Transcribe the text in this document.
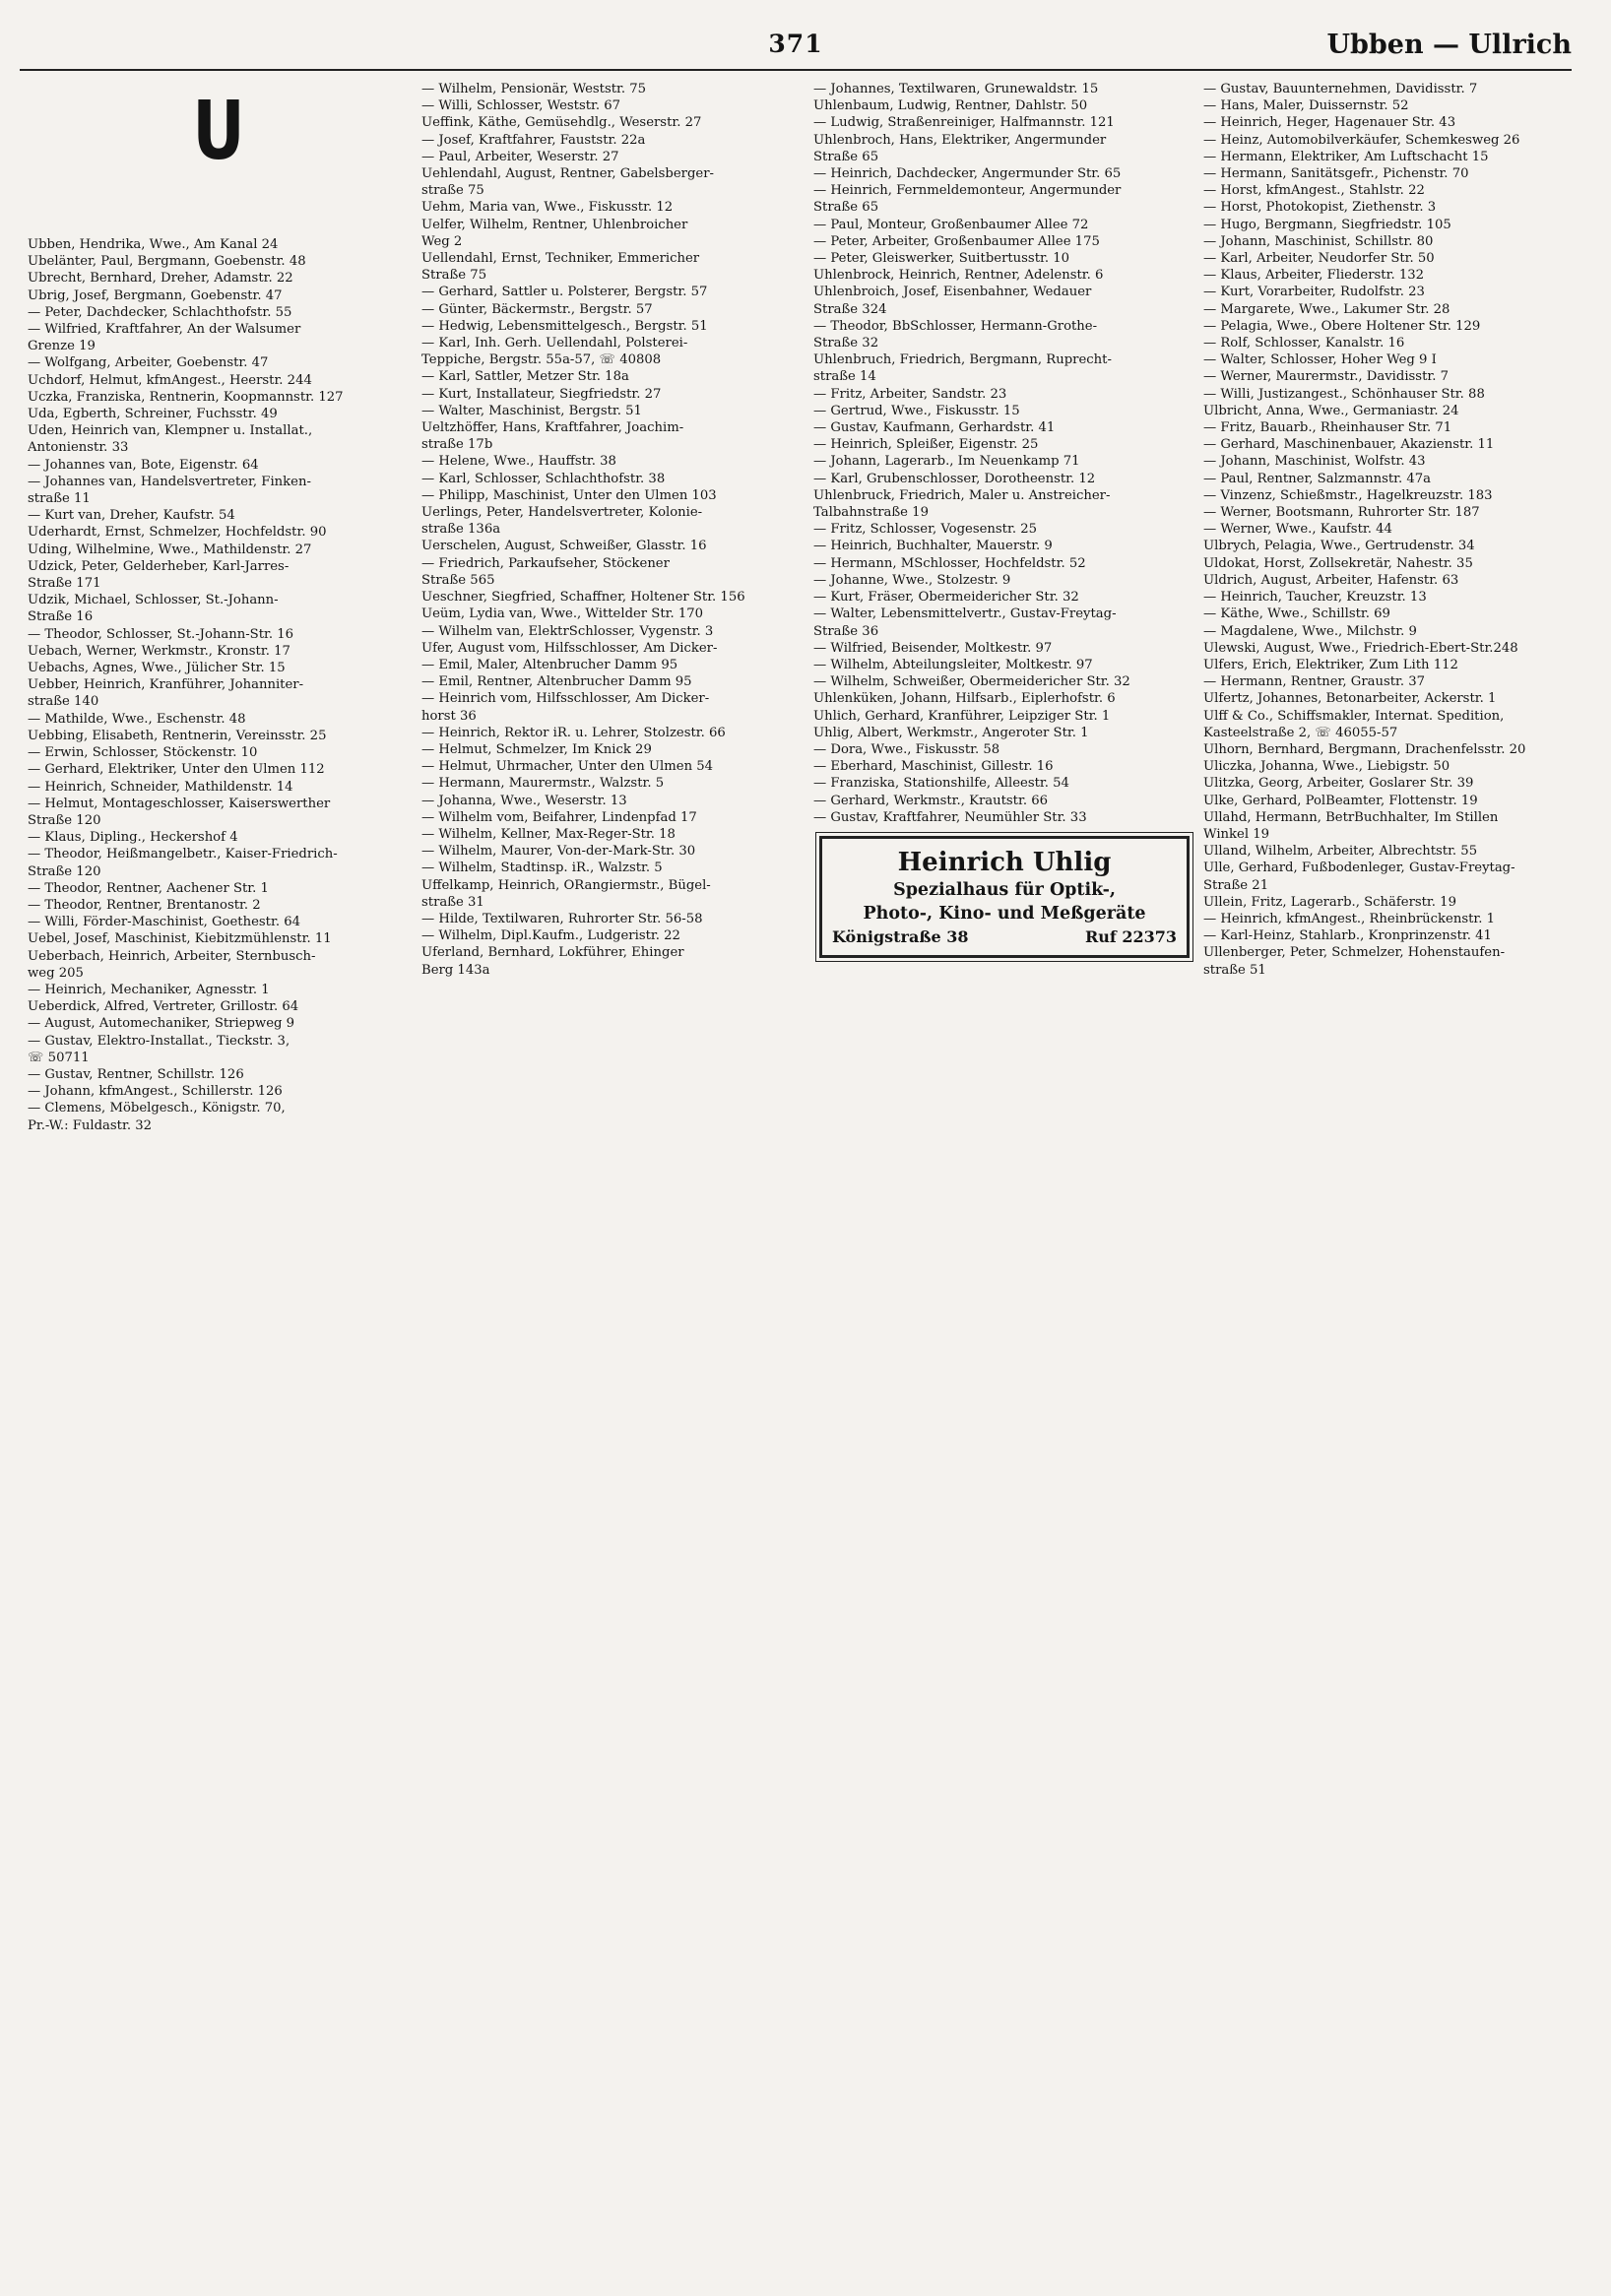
371	Ubben — Ullrich
U
Ubben, Hendrika, Wwe., Am Kanal 24
Ubelänter, Paul, Bergmann, Goebenstr. 48
Ubrecht, Bernhard, Dreher, Adamstr. 22
Ubrig, Josef, Bergmann, Goebenstr. 47
— Peter, Dachdecker, Schlachthofstr. 55
— Wilfried, Kraftfahrer, An der Walsumer
Grenze 19
— Wolfgang, Arbeiter, Goebenstr. 47
Uchdorf, Helmut, kfmAngest., Heerstr. 244
Uczka, Franziska, Rentnerin, Koopmannstr. 127
Uda, Egberth, Schreiner, Fuchsstr. 49
Uden, Heinrich van, Klempner u. Installat.,
Antonienstr. 33
— Johannes van, Bote, Eigenstr. 64
— Johannes van, Handelsvertreter, Finken-
straße 11
— Kurt van, Dreher, Kaufstr. 54
Uderhardt, Ernst, Schmelzer, Hochfeldstr. 90
Uding, Wilhelmine, Wwe., Mathildenstr. 27
Udzick, Peter, Gelderheber, Karl-Jarres-
Straße 171
Udzik, Michael, Schlosser, St.-Johann-
Straße 16
— Theodor, Schlosser, St.-Johann-Str. 16
Uebach, Werner, Werkmstr., Kronstr. 17
Uebachs, Agnes, Wwe., Jülicher Str. 15
Uebber, Heinrich, Kranführer, Johanniter-
straße 140
— Mathilde, Wwe., Eschenstr. 48
Uebbing, Elisabeth, Rentnerin, Vereinsstr. 25
— Erwin, Schlosser, Stöckenstr. 10
— Gerhard, Elektriker, Unter den Ulmen 112
— Heinrich, Schneider, Mathildenstr. 14
— Helmut, Montageschlosser, Kaiserswerther
Straße 120
— Klaus, Dipling., Heckershof 4
— Theodor, Heißmangelbetr., Kaiser-Friedrich-
Straße 120
— Theodor, Rentner, Aachener Str. 1
— Theodor, Rentner, Brentanostr. 2
— Willi, Förder-Maschinist, Goethestr. 64
Uebel, Josef, Maschinist, Kiebitzmühlenstr. 11
Ueberbach, Heinrich, Arbeiter, Sternbusch-
weg 205
— Heinrich, Mechaniker, Agnesstr. 1
Ueberdick, Alfred, Vertreter, Grillostr. 64
— August, Automechaniker, Striepweg 9
— Gustav, Elektro-Installat., Tieckstr. 3,
☏ 50711
— Gustav, Rentner, Schillstr. 126
— Johann, kfmAngest., Schillerstr. 126
— Clemens, Möbelgesch., Königstr. 70,
Pr.-W.: Fuldastr. 32
— Wilhelm, Pensionär, Weststr. 75
— Willi, Schlosser, Weststr. 67
Ueffink, Käthe, Gemüsehdlg., Weserstr. 27
— Josef, Kraftfahrer, Fauststr. 22a
— Paul, Arbeiter, Weserstr. 27
Uehlendahl, August, Rentner, Gabelsberger-
straße 75
Uehm, Maria van, Wwe., Fiskusstr. 12
Uelfer, Wilhelm, Rentner, Uhlenbroicher
Weg 2
Uellendahl, Ernst, Techniker, Emmericher
Straße 75
— Gerhard, Sattler u. Polsterer, Bergstr. 57
— Günter, Bäckermstr., Bergstr. 57
— Hedwig, Lebensmittelgesch., Bergstr. 51
— Karl, Inh. Gerh. Uellendahl, Polsterei-
Teppiche, Bergstr. 55a-57, ☏ 40808
— Karl, Sattler, Metzer Str. 18a
— Kurt, Installateur, Siegfriedstr. 27
— Walter, Maschinist, Bergstr. 51
Ueltzhöffer, Hans, Kraftfahrer, Joachim-
straße 17b
— Helene, Wwe., Hauffstr. 38
— Karl, Schlosser, Schlachthofstr. 38
— Philipp, Maschinist, Unter den Ulmen 103
Uerlings, Peter, Handelsvertreter, Kolonie-
straße 136a
Uerschelen, August, Schweißer, Glasstr. 16
— Friedrich, Parkaufseher, Stöckener
Straße 565
Ueschner, Siegfried, Schaffner, Holtener Str. 156
Ueüm, Lydia van, Wwe., Wittelder Str. 170
— Wilhelm van, ElektrSchlosser, Vygenstr. 3
Ufer, August vom, Hilfsschlosser, Am Dicker-
— Emil, Maler, Altenbrucher Damm 95
— Emil, Rentner, Altenbrucher Damm 95
— Heinrich vom, Hilfsschlosser, Am Dicker-
horst 36
— Heinrich, Rektor iR. u. Lehrer, Stolzestr. 66
— Helmut, Schmelzer, Im Knick 29
— Helmut, Uhrmacher, Unter den Ulmen 54
— Hermann, Maurermstr., Walzstr. 5
— Johanna, Wwe., Weserstr. 13
— Wilhelm vom, Beifahrer, Lindenpfad 17
— Wilhelm, Kellner, Max-Reger-Str. 18
— Wilhelm, Maurer, Von-der-Mark-Str. 30
— Wilhelm, Stadtinsp. iR., Walzstr. 5
Uffelkamp, Heinrich, ORangiermstr., Bügel-
straße 31
— Hilde, Textilwaren, Ruhrorter Str. 56-58
— Wilhelm, Dipl.Kaufm., Ludgeristr. 22
Uferland, Bernhard, Lokführer, Ehinger
Berg 143a
— Johannes, Textilwaren, Grunewaldstr. 15
Uhlenbaum, Ludwig, Rentner, Dahlstr. 50
— Ludwig, Straßenreiniger, Halfmannstr. 121
Uhlenbroch, Hans, Elektriker, Angermunder
Straße 65
— Heinrich, Dachdecker, Angermunder Str. 65
— Heinrich, Fernmeldemonteur, Angermunder
Straße 65
— Paul, Monteur, Großenbaumer Allee 72
— Peter, Arbeiter, Großenbaumer Allee 175
— Peter, Gleiswerker, Suitbertusstr. 10
Uhlenbrock, Heinrich, Rentner, Adelenstr. 6
Uhlenbroich, Josef, Eisenbahner, Wedauer
Straße 324
— Theodor, BbSchlosser, Hermann-Grothe-
Straße 32
Uhlenbruch, Friedrich, Bergmann, Ruprecht-
straße 14
— Fritz, Arbeiter, Sandstr. 23
— Gertrud, Wwe., Fiskusstr. 15
— Gustav, Kaufmann, Gerhardstr. 41
— Heinrich, Spleißer, Eigenstr. 25
— Johann, Lagerarb., Im Neuenkamp 71
— Karl, Grubenschlosser, Dorotheenstr. 12
Uhlenbruck, Friedrich, Maler u. Anstreicher-
Talbahnstraße 19
— Fritz, Schlosser, Vogesenstr. 25
— Heinrich, Buchhalter, Mauerstr. 9
— Hermann, MSchlosser, Hochfeldstr. 52
— Johanne, Wwe., Stolzestr. 9
— Kurt, Fräser, Obermeidericher Str. 32
— Walter, Lebensmittelvertr., Gustav-Freytag-
Straße 36
— Wilfried, Beisender, Moltkestr. 97
— Wilhelm, Abteilungsleiter, Moltkestr. 97
— Wilhelm, Schweißer, Obermeidericher Str. 32
Uhlenküken, Johann, Hilfsarb., Eiplerhofstr. 6
Uhlich, Gerhard, Kranführer, Leipziger Str. 1
Uhlig, Albert, Werkmstr., Angeroter Str. 1
— Dora, Wwe., Fiskusstr. 58
— Eberhard, Maschinist, Gillestr. 16
— Franziska, Stationshilfe, Alleestr. 54
— Gerhard, Werkmstr., Krautstr. 66
— Gustav, Kraftfahrer, Neumühler Str. 33
Heinrich Uhlig
Spezialhaus für Optik-,
Photo-, Kino- und Meßgeräte
Königstraße 38	Ruf 22373
— Gustav, Bauunternehmen, Davidisstr. 7
— Hans, Maler, Duissernstr. 52
— Heinrich, Heger, Hagenauer Str. 43
— Heinz, Automobilverkäufer, Schemkesweg 26
— Hermann, Elektriker, Am Luftschacht 15
— Hermann, Sanitätsgefr., Pichenstr. 70
— Horst, kfmAngest., Stahlstr. 22
— Horst, Photokopist, Ziethenstr. 3
— Hugo, Bergmann, Siegfriedstr. 105
— Johann, Maschinist, Schillstr. 80
— Karl, Arbeiter, Neudorfer Str. 50
— Klaus, Arbeiter, Fliederstr. 132
— Kurt, Vorarbeiter, Rudolfstr. 23
— Margarete, Wwe., Lakumer Str. 28
— Pelagia, Wwe., Obere Holtener Str. 129
— Rolf, Schlosser, Kanalstr. 16
— Walter, Schlosser, Hoher Weg 9 I
— Werner, Maurermstr., Davidisstr. 7
— Willi, Justizangest., Schönhauser Str. 88
Ulbricht, Anna, Wwe., Germaniastr. 24
— Fritz, Bauarb., Rheinhauser Str. 71
— Gerhard, Maschinenbauer, Akazienstr. 11
— Johann, Maschinist, Wolfstr. 43
— Paul, Rentner, Salzmannstr. 47a
— Vinzenz, Schießmstr., Hagelkreuzstr. 183
— Werner, Bootsmann, Ruhrorter Str. 187
— Werner, Wwe., Kaufstr. 44
Ulbrych, Pelagia, Wwe., Gertrudenstr. 34
Uldokat, Horst, Zollsekretär, Nahestr. 35
Uldrich, August, Arbeiter, Hafenstr. 63
— Heinrich, Taucher, Kreuzstr. 13
— Käthe, Wwe., Schillstr. 69
— Magdalene, Wwe., Milchstr. 9
Ulewski, August, Wwe., Friedrich-Ebert-Str.248
Ulfers, Erich, Elektriker, Zum Lith 112
— Hermann, Rentner, Graustr. 37
Ulfertz, Johannes, Betonarbeiter, Ackerstr. 1
Ulff & Co., Schiffsmakler, Internat. Spedition,
Kasteelstraße 2, ☏ 46055-57
Ulhorn, Bernhard, Bergmann, Drachenfelsstr. 20
Uliczka, Johanna, Wwe., Liebigstr. 50
Ulitzka, Georg, Arbeiter, Goslarer Str. 39
Ulke, Gerhard, PolBeamter, Flottenstr. 19
Ullahd, Hermann, BetrBuchhalter, Im Stillen
Winkel 19
Ulland, Wilhelm, Arbeiter, Albrechtstr. 55
Ulle, Gerhard, Fußbodenleger, Gustav-Freytag-
Straße 21
Ullein, Fritz, Lagerarb., Schäferstr. 19
— Heinrich, kfmAngest., Rheinbrückenstr. 1
— Karl-Heinz, Stahlarb., Kronprinzenstr. 41
Ullenberger, Peter, Schmelzer, Hohenstaufen-
straße 51
